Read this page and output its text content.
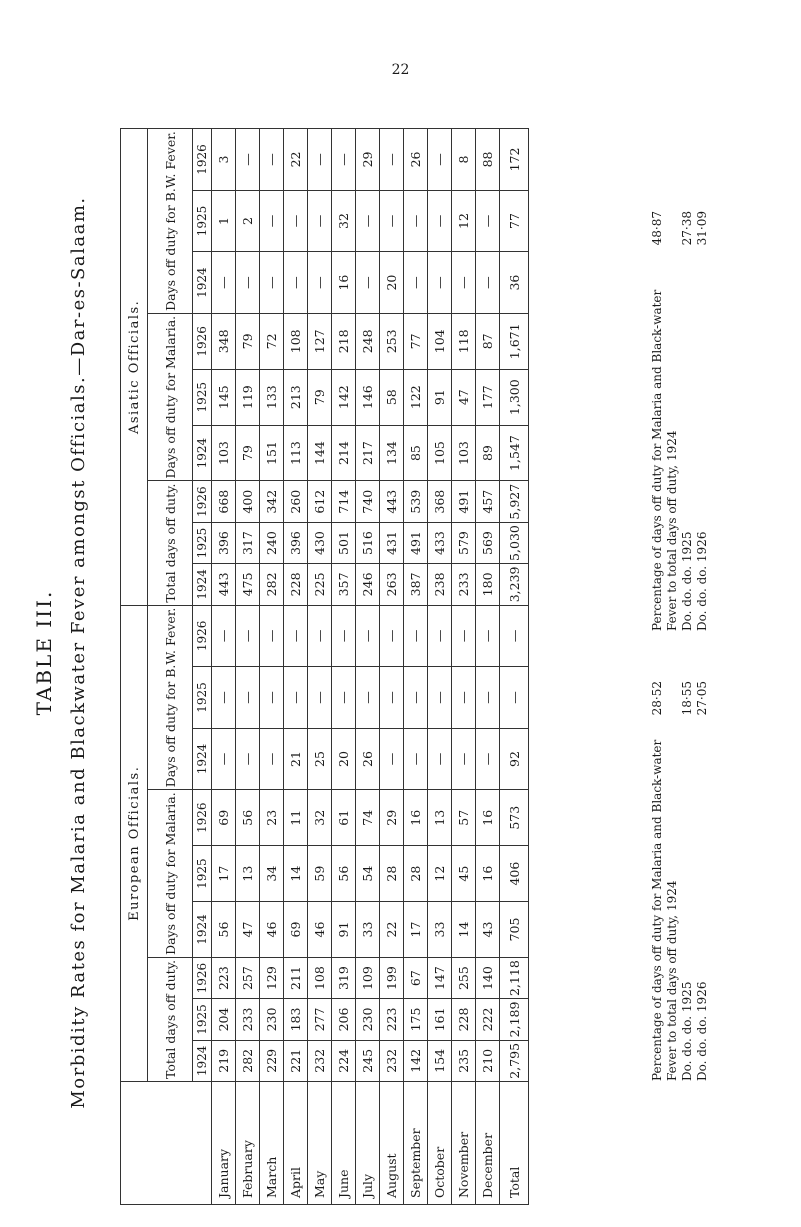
22
TABLE III. Morbidity Rates for Malaria and Blackwater Fever amongst Officials.—Dar-es-Salaam.
		European Officials.									Asiatic Officials.								
	Total days off duty.			Days off duty for Malaria.			Days off duty for B.W. Fever.			Total days off duty.			Days off duty for Malaria.			Days off duty for B.W. Fever.		
	1924	1925	1926	1924	1925	1926	1924	1925	1926	1924	1925	1926	1924	1925	1926	1924	1925	1926
January	219	204	223	56	17	69	—	—	—	443	396	668	103	145	348	—	1	3
February	282	233	257	47	13	56	—	—	—	475	317	400	79	119	79	—	2	—
March	229	230	129	46	34	23	—	—	—	282	240	342	151	133	72	—	—	—
April	221	183	211	69	14	11	21	—	—	228	396	260	113	213	108	—	—	22
May	232	277	108	46	59	32	25	—	—	225	430	612	144	79	127	—	—	—
June	224	206	319	91	56	61	20	—	—	357	501	714	214	142	218	16	32	—
July	245	230	109	33	54	74	26	—	—	246	516	740	217	146	248	—	—	29
August	232	223	199	22	28	29	—	—	—	263	431	443	134	58	253	20	—	—
September	142	175	67	17	28	16	—	—	—	387	491	539	85	122	77	—	—	26
October	154	161	147	33	12	13	—	—	—	238	433	368	105	91	104	—	—	—
November	235	228	255	14	45	57	—	—	—	233	579	491	103	47	118	—	12	8
December	210	222	140	43	16	16	—	—	—	180	569	457	89	177	87	—	—	88
Total	2,795	2,189	2,118	705	406	573	92	—	—	3,239	5,030	5,927	1,547	1,300	1,671	36	77	172
Percentage of days off duty for Malaria and Black-water Fever to total days off duty, 1924
28·52
Do. do. do. 1925
18·55
Do. do. do. 1926
27·05
Percentage of days off duty for Malaria and Black-water Fever to total days off duty, 1924
48·87
Do. do. do. 1925
27·38
Do. do. do. 1926
31·09
